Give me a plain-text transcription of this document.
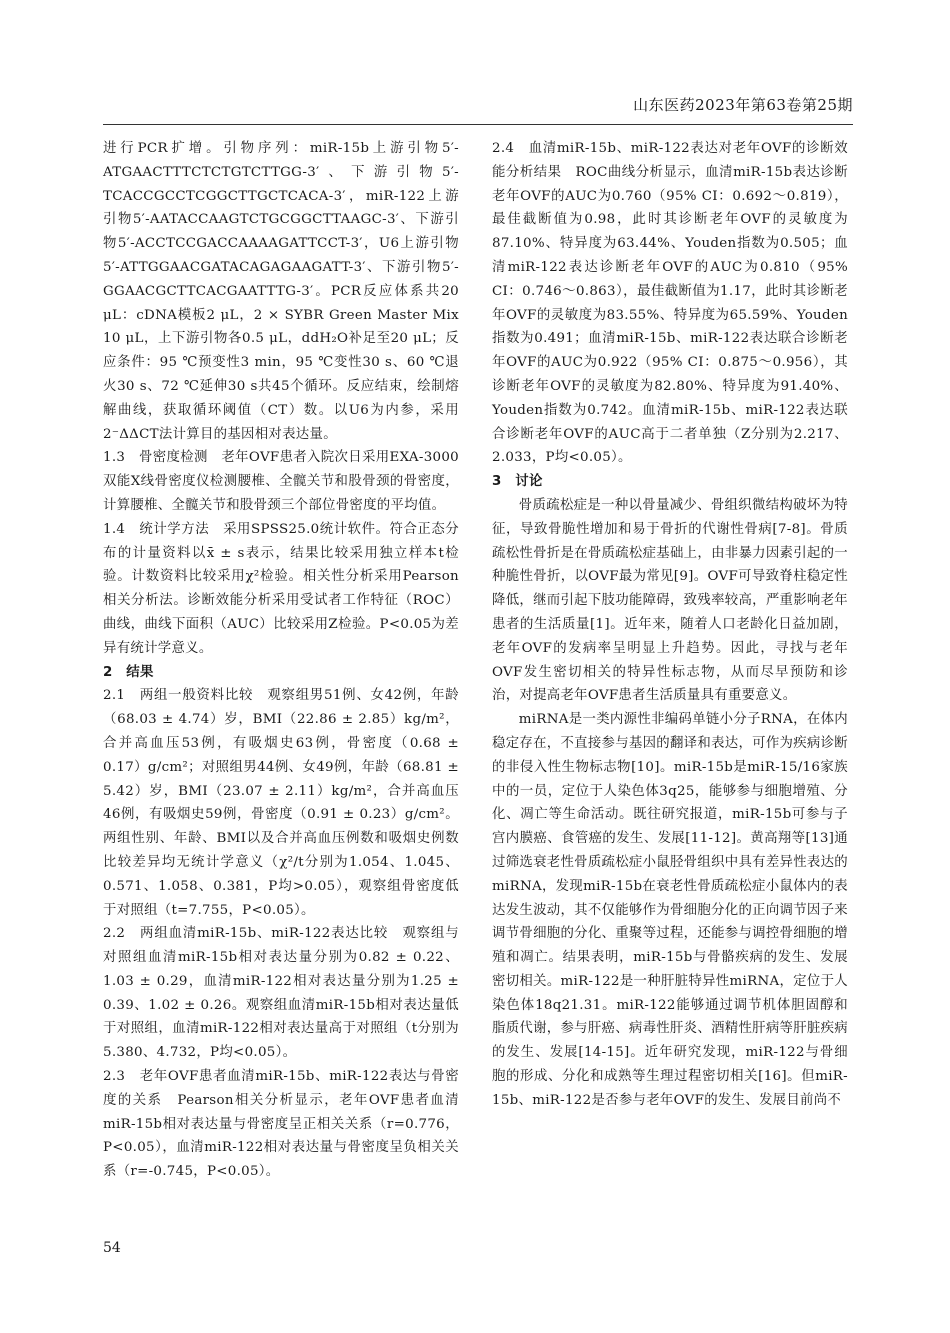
山东医药2023年第63卷第25期

进行PCR扩增。引物序列：miR-15b上游引物5′-ATGAACTTTCTCTGTCTTGG-3′、下游引物5′-TCACCGCCTCGGCTTGCTCACA-3′，miR-122上游引物5′-AATACCAAGTCTGCGGCTTAAGC-3′、下游引物5′-ACCTCCGACCAAAAGATTCCT-3′，U6上游引物5′-ATTGGAACGATACAGAGAAGATT-3′、下游引物5′-GGAACGCTTCACGAATTTG-3′。PCR反应体系共20 μL：cDNA模板2 μL，2 × SYBR Green Master Mix 10 μL，上下游引物各0.5 μL，ddH₂O补足至20 μL；反应条件：95 ℃预变性3 min，95 ℃变性30 s、60 ℃退火30 s、72 ℃延伸30 s共45个循环。反应结束，绘制熔解曲线，获取循环阈值（CT）数。以U6为内参，采用2⁻ΔΔCT法计算目的基因相对表达量。

1.3　骨密度检测　老年OVF患者入院次日采用EXA-3000双能X线骨密度仪检测腰椎、全髋关节和股骨颈的骨密度，计算腰椎、全髋关节和股骨颈三个部位骨密度的平均值。

1.4　统计学方法　采用SPSS25.0统计软件。符合正态分布的计量资料以x̄ ± s表示，结果比较采用独立样本t检验。计数资料比较采用χ²检验。相关性分析采用Pearson相关分析法。诊断效能分析采用受试者工作特征（ROC）曲线，曲线下面积（AUC）比较采用Z检验。P<0.05为差异有统计学意义。

2　结果

2.1　两组一般资料比较　观察组男51例、女42例，年龄（68.03 ± 4.74）岁，BMI（22.86 ± 2.85）kg/m²，合并高血压53例，有吸烟史63例，骨密度（0.68 ± 0.17）g/cm²；对照组男44例、女49例，年龄（68.81 ± 5.42）岁，BMI（23.07 ± 2.11）kg/m²，合并高血压46例，有吸烟史59例，骨密度（0.91 ± 0.23）g/cm²。两组性别、年龄、BMI以及合并高血压例数和吸烟史例数比较差异均无统计学意义（χ²/t分别为1.054、1.045、0.571、1.058、0.381，P均>0.05），观察组骨密度低于对照组（t=7.755，P<0.05）。

2.2　两组血清miR-15b、miR-122表达比较　观察组与对照组血清miR-15b相对表达量分别为0.82 ± 0.22、1.03 ± 0.29，血清miR-122相对表达量分别为1.25 ± 0.39、1.02 ± 0.26。观察组血清miR-15b相对表达量低于对照组，血清miR-122相对表达量高于对照组（t分别为5.380、4.732，P均<0.05）。

2.3　老年OVF患者血清miR-15b、miR-122表达与骨密度的关系　Pearson相关分析显示，老年OVF患者血清miR-15b相对表达量与骨密度呈正相关关系（r=0.776，P<0.05），血清miR-122相对表达量与骨密度呈负相关关系（r=-0.745，P<0.05）。

2.4　血清miR-15b、miR-122表达对老年OVF的诊断效能分析结果　ROC曲线分析显示，血清miR-15b表达诊断老年OVF的AUC为0.760（95% CI：0.692～0.819），最佳截断值为0.98，此时其诊断老年OVF的灵敏度为87.10%、特异度为63.44%、Youden指数为0.505；血清miR-122表达诊断老年OVF的AUC为0.810（95% CI：0.746～0.863），最佳截断值为1.17，此时其诊断老年OVF的灵敏度为83.55%、特异度为65.59%、Youden指数为0.491；血清miR-15b、miR-122表达联合诊断老年OVF的AUC为0.922（95% CI：0.875～0.956），其诊断老年OVF的灵敏度为82.80%、特异度为91.40%、Youden指数为0.742。血清miR-15b、miR-122表达联合诊断老年OVF的AUC高于二者单独（Z分别为2.217、2.033，P均<0.05）。

3　讨论

骨质疏松症是一种以骨量减少、骨组织微结构破坏为特征，导致骨脆性增加和易于骨折的代谢性骨病[7-8]。骨质疏松性骨折是在骨质疏松症基础上，由非暴力因素引起的一种脆性骨折，以OVF最为常见[9]。OVF可导致脊柱稳定性降低，继而引起下肢功能障碍，致残率较高，严重影响老年患者的生活质量[1]。近年来，随着人口老龄化日益加剧，老年OVF的发病率呈明显上升趋势。因此，寻找与老年OVF发生密切相关的特异性标志物，从而尽早预防和诊治，对提高老年OVF患者生活质量具有重要意义。

miRNA是一类内源性非编码单链小分子RNA，在体内稳定存在，不直接参与基因的翻译和表达，可作为疾病诊断的非侵入性生物标志物[10]。miR-15b是miR-15/16家族中的一员，定位于人染色体3q25，能够参与细胞增殖、分化、凋亡等生命活动。既往研究报道，miR-15b可参与子宫内膜癌、食管癌的发生、发展[11-12]。黄高翔等[13]通过筛选衰老性骨质疏松症小鼠胫骨组织中具有差异性表达的miRNA，发现miR-15b在衰老性骨质疏松症小鼠体内的表达发生波动，其不仅能够作为骨细胞分化的正向调节因子来调节骨细胞的分化、重聚等过程，还能参与调控骨细胞的增殖和凋亡。结果表明，miR-15b与骨骼疾病的发生、发展密切相关。miR-122是一种肝脏特异性miRNA，定位于人染色体18q21.31。miR-122能够通过调节机体胆固醇和脂质代谢，参与肝癌、病毒性肝炎、酒精性肝病等肝脏疾病的发生、发展[14-15]。近年研究发现，miR-122与骨细胞的形成、分化和成熟等生理过程密切相关[16]。但miR-15b、miR-122是否参与老年OVF的发生、发展目前尚不

54
